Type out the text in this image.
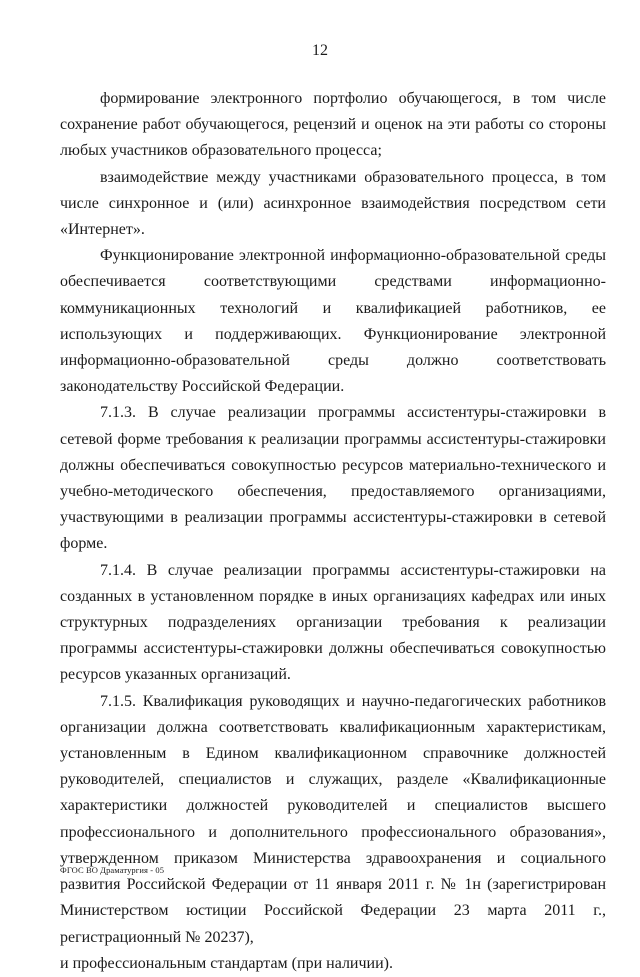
12

формирование электронного портфолио обучающегося, в том числе сохранение работ обучающегося, рецензий и оценок на эти работы со стороны любых участников образовательного процесса;

взаимодействие между участниками образовательного процесса, в том числе синхронное и (или) асинхронное взаимодействия посредством сети «Интернет».

Функционирование электронной информационно-образовательной среды обеспечивается соответствующими средствами информационно-коммуникационных технологий и квалификацией работников, ее использующих и поддерживающих. Функционирование электронной информационно-образовательной среды должно соответствовать законодательству Российской Федерации.

7.1.3. В случае реализации программы ассистентуры-стажировки в сетевой форме требования к реализации программы ассистентуры-стажировки должны обеспечиваться совокупностью ресурсов материально-технического и учебно-методического обеспечения, предоставляемого организациями, участвующими в реализации программы ассистентуры-стажировки в сетевой форме.

7.1.4. В случае реализации программы ассистентуры-стажировки на созданных в установленном порядке в иных организациях кафедрах или иных структурных подразделениях организации требования к реализации программы ассистентуры-стажировки должны обеспечиваться совокупностью ресурсов указанных организаций.

7.1.5. Квалификация руководящих и научно-педагогических работников организации должна соответствовать квалификационным характеристикам, установленным в Едином квалификационном справочнике должностей руководителей, специалистов и служащих, разделе «Квалификационные характеристики должностей руководителей и специалистов высшего профессионального и дополнительного профессионального образования», утвержденном приказом Министерства здравоохранения и социального развития Российской Федерации от 11 января 2011 г. № 1н (зарегистрирован Министерством юстиции Российской Федерации 23 марта 2011 г., регистрационный № 20237),

и профессиональным стандартам (при наличии).

ФГОС ВО Драматургия - 05
